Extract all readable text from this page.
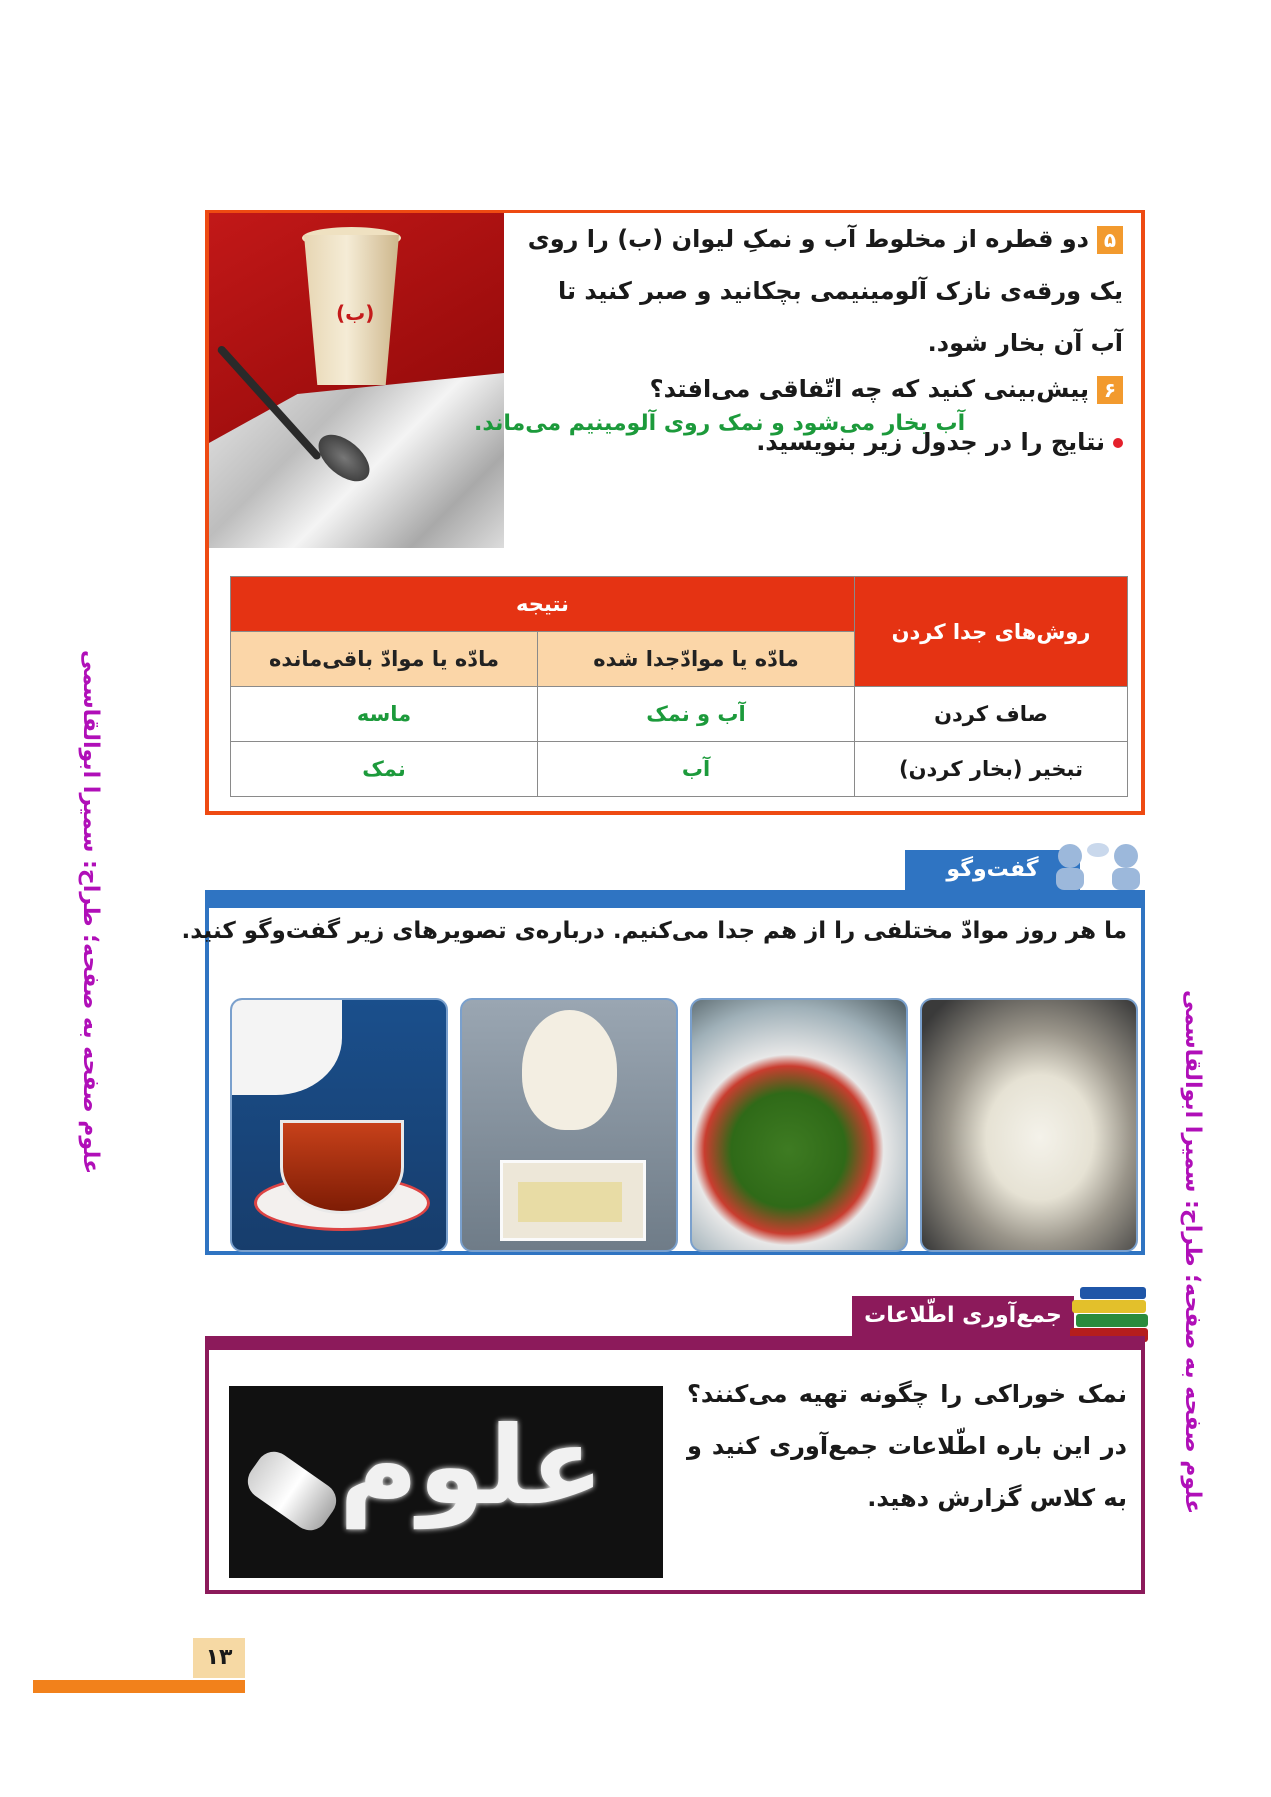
علوم صفحه به صفحه؛ طراح: سمیرا ابوالقاسمی
علوم صفحه به صفحه؛ طراح: سمیرا ابوالقاسمی
(ب)
۵دو قطره از مخلوط آب و نمکِ لیوان (ب) را روی یک ورقه‌ی نازک آلومینیمی بچکانید و صبر کنید تا آب آن بخار شود.
۶پیش‌بینی کنید که چه اتّفاقی می‌افتد؟
نتایج را در جدول زیر بنویسید.
آب بخار می‌شود و نمک روی آلومینیم می‌ماند.
روش‌های جدا کردن	نتیجه	
	مادّه یا موادّجدا شده	مادّه یا موادّ باقی‌مانده
صاف کردن	آب و نمک	ماسه
تبخیر (بخار کردن)	آب	نمک
گفت‌وگو
ما هر روز موادّ مختلفی را از هم جدا می‌کنیم. درباره‌ی تصویرهای زیر گفت‌وگو کنید.
جمع‌آوری اطّلاعات
علوم
نمک خوراکی را چگونه تهیه می‌کنند؟ در این باره اطّلاعات جمع‌آوری کنید و به کلاس گزارش دهید.
۱۳
